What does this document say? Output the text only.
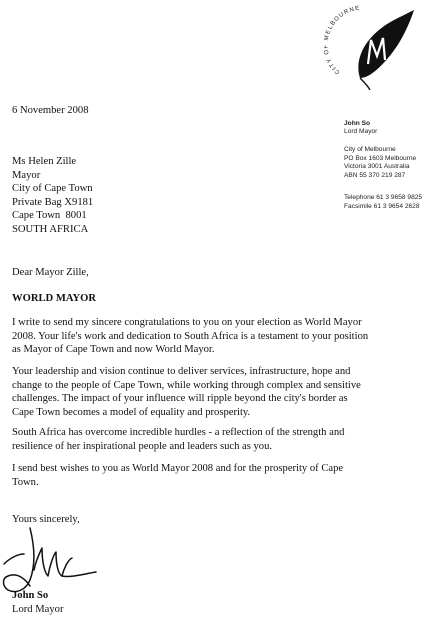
CITY OF MELBOURNE
John So
Lord Mayor
City of Melbourne
PO Box 1603 Melbourne
Victoria 3001 Australia
ABN 55 370 219 287
Telephone 61 3 9658 9825
Facsimile 61 3 9654 2628
6 November 2008
Ms Helen Zille
Mayor
City of Cape Town
Private Bag X9181
Cape Town  8001
SOUTH AFRICA
Dear Mayor Zille,
WORLD MAYOR
I write to send my sincere congratulations to you on your election as World Mayor
2008. Your life's work and dedication to South Africa is a testament to your position
as Mayor of Cape Town and now World Mayor.
Your leadership and vision continue to deliver services, infrastructure, hope and
change to the people of Cape Town, while working through complex and sensitive
challenges. The impact of your influence will ripple beyond the city's border as
Cape Town becomes a model of equality and prosperity.
South Africa has overcome incredible hurdles - a reflection of the strength and
resilience of her inspirational people and leaders such as you.
I send best wishes to you as World Mayor 2008 and for the prosperity of Cape
Town.
Yours sincerely,
John So
Lord Mayor
